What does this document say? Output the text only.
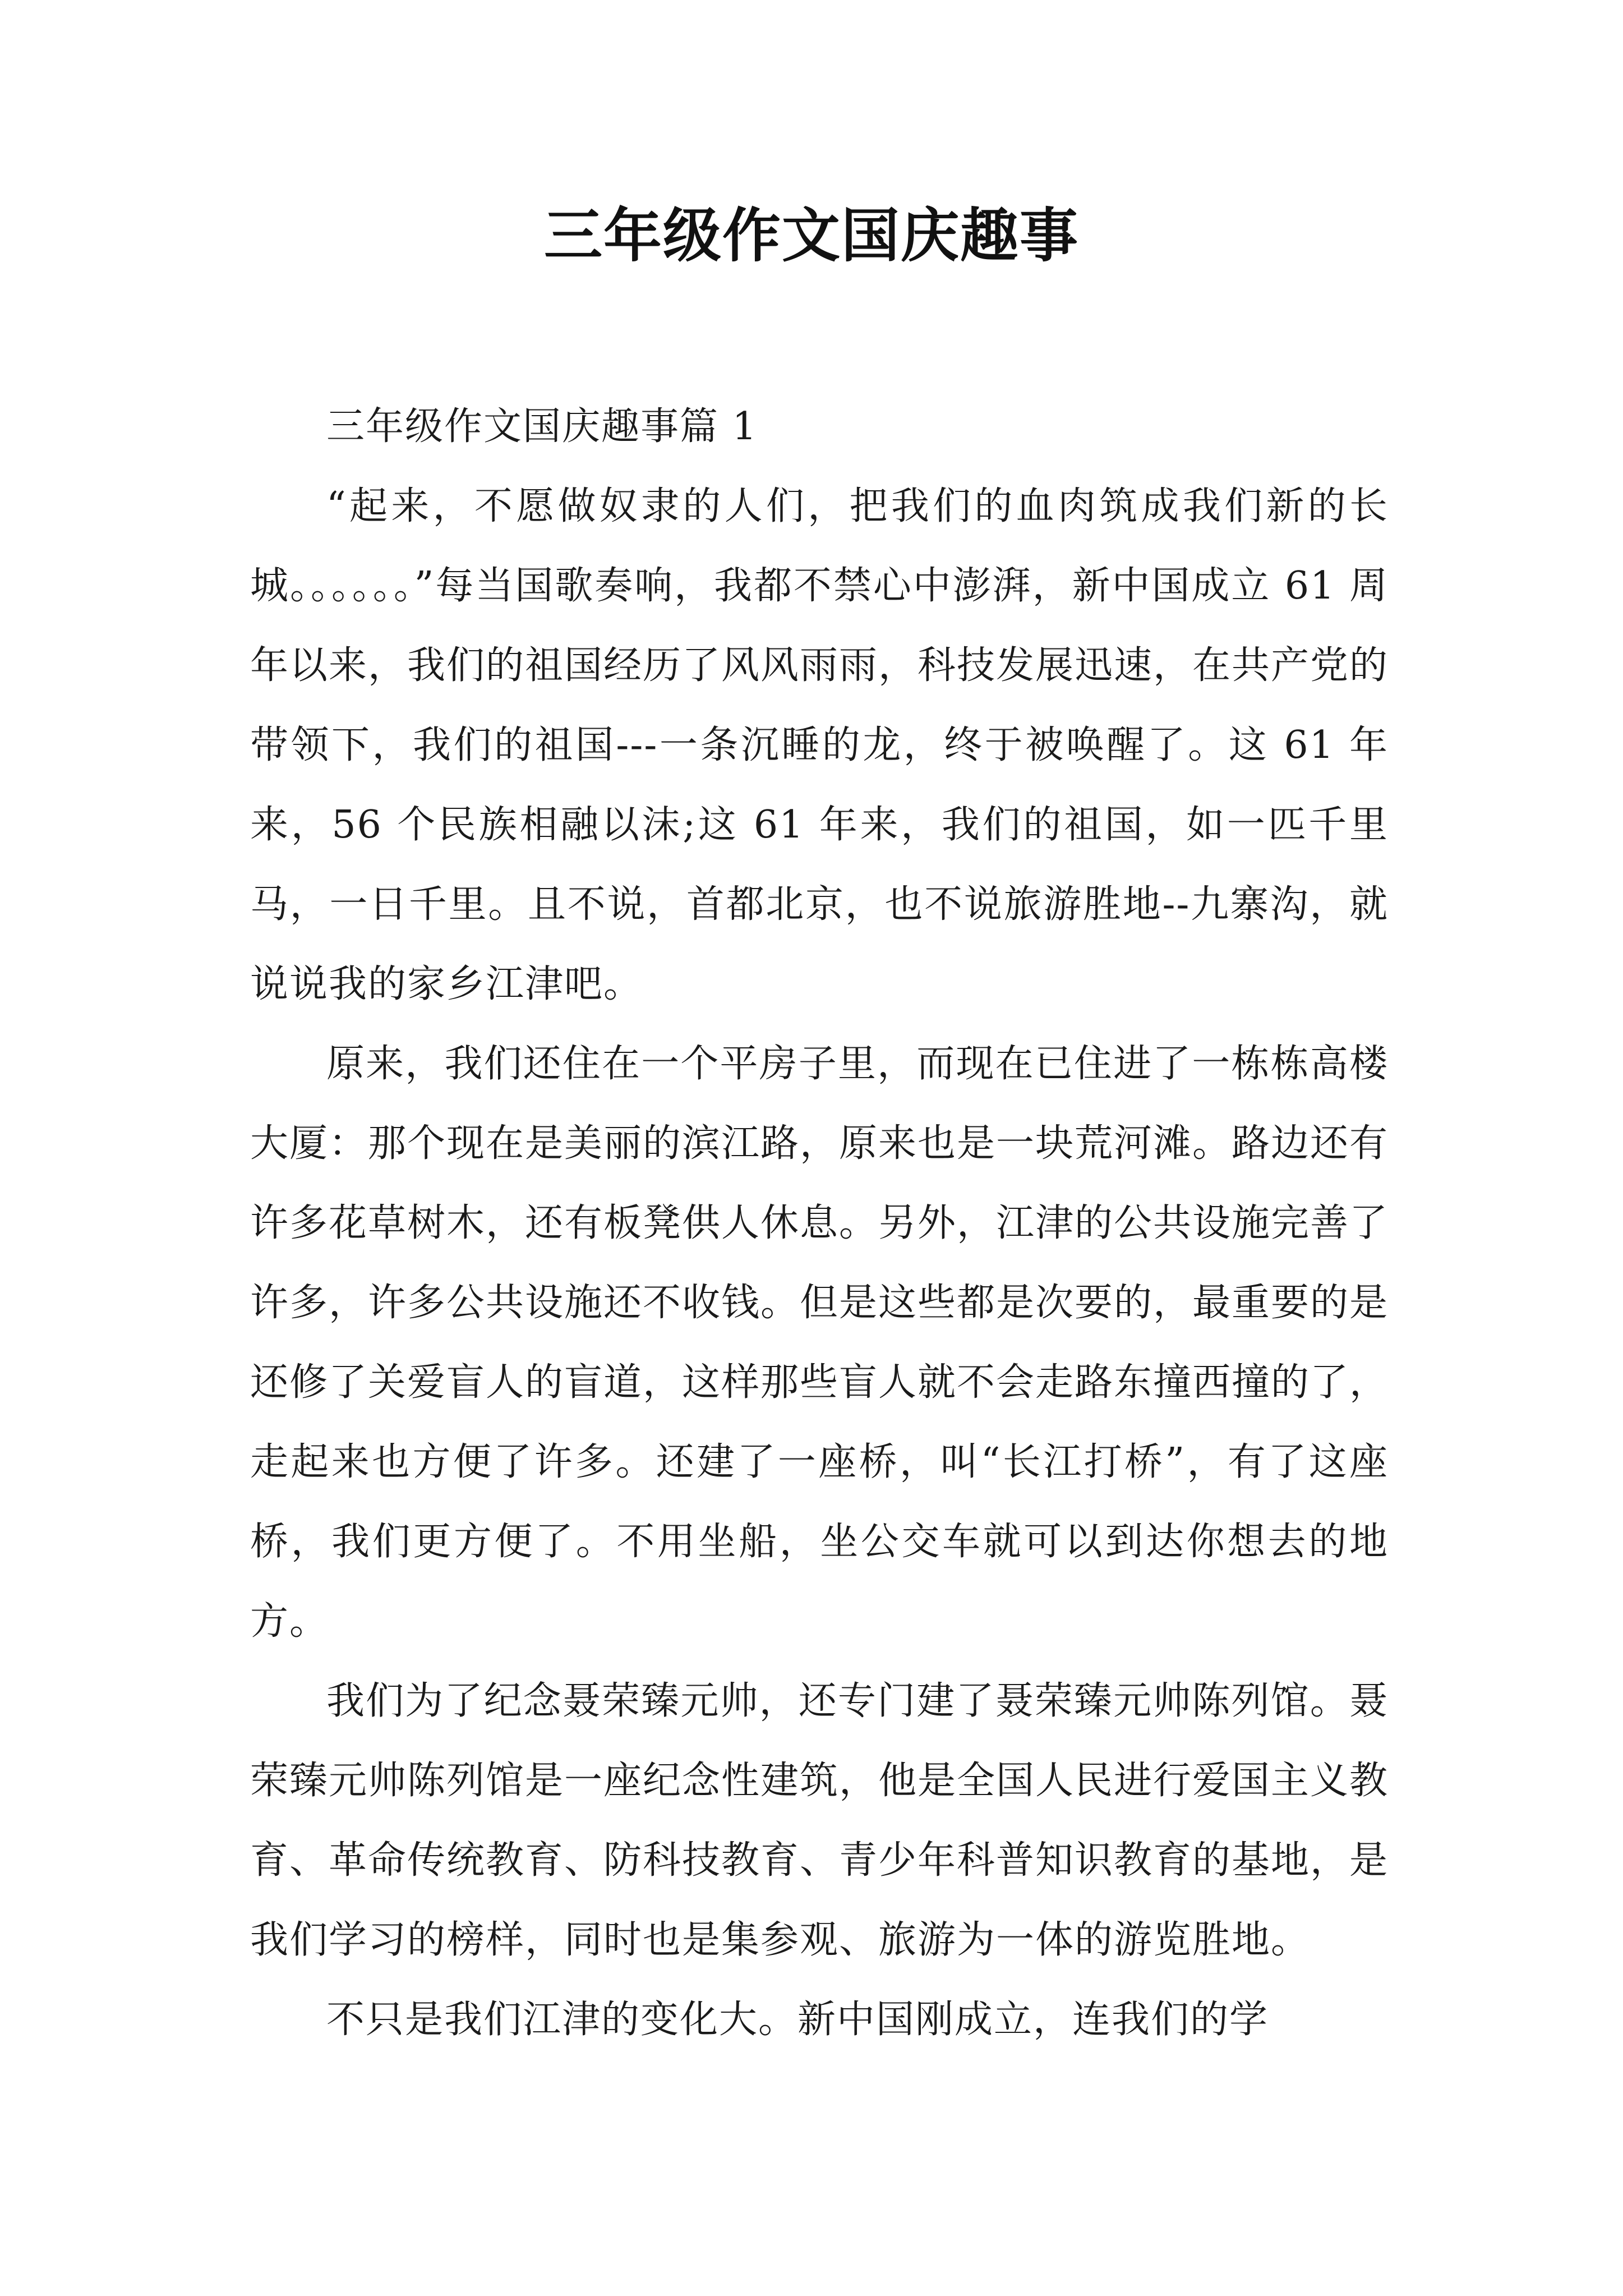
三年级作文国庆趣事

三年级作文国庆趣事篇 1

“起来，不愿做奴隶的人们，把我们的血肉筑成我们新的长城。。。。。。”每当国歌奏响，我都不禁心中澎湃，新中国成立 61 周年以来，我们的祖国经历了风风雨雨，科技发展迅速，在共产党的带领下，我们的祖国---一条沉睡的龙，终于被唤醒了。这 61 年来，56 个民族相融以沫;这 61 年来，我们的祖国，如一匹千里马，一日千里。且不说，首都北京，也不说旅游胜地--九寨沟，就说说我的家乡江津吧。

原来，我们还住在一个平房子里，而现在已住进了一栋栋高楼大厦：那个现在是美丽的滨江路，原来也是一块荒河滩。路边还有许多花草树木，还有板凳供人休息。另外，江津的公共设施完善了许多，许多公共设施还不收钱。但是这些都是次要的，最重要的是还修了关爱盲人的盲道，这样那些盲人就不会走路东撞西撞的了，走起来也方便了许多。还建了一座桥，叫“长江打桥”，有了这座桥，我们更方便了。不用坐船，坐公交车就可以到达你想去的地方。

我们为了纪念聂荣臻元帅，还专门建了聂荣臻元帅陈列馆。聂荣臻元帅陈列馆是一座纪念性建筑，他是全国人民进行爱国主义教育、革命传统教育、防科技教育、青少年科普知识教育的基地，是我们学习的榜样，同时也是集参观、旅游为一体的游览胜地。

不只是我们江津的变化大。新中国刚成立，连我们的学
